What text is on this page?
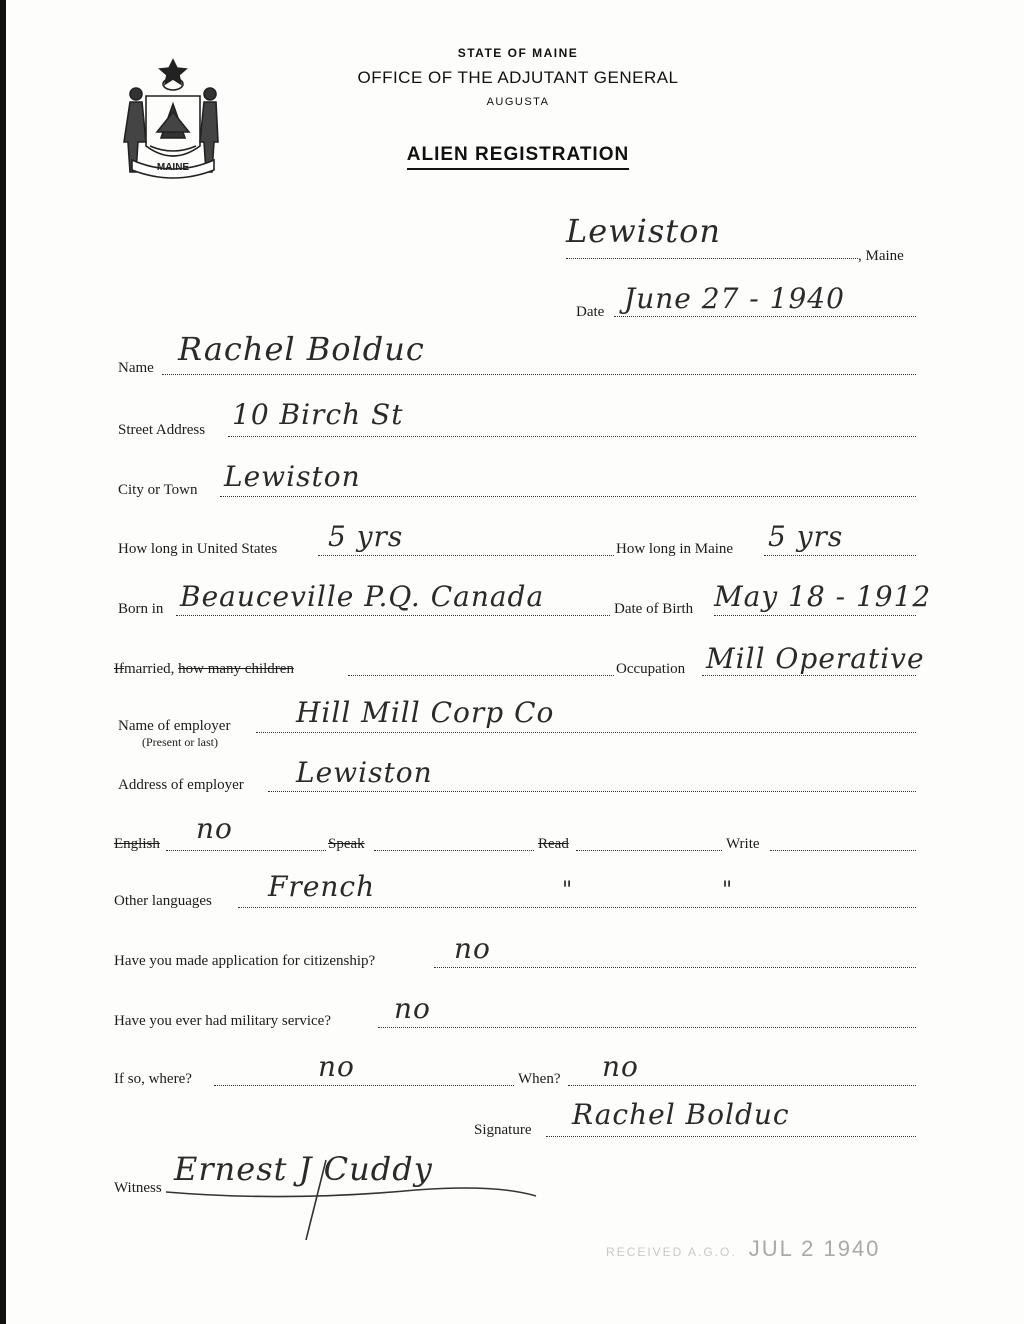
MAINE
STATE OF MAINE
OFFICE OF THE ADJUTANT GENERAL
AUGUSTA
ALIEN REGISTRATION
Lewiston
, Maine
Date June 27 - 1940
Name Rachel Bolduc
Street Address 10 Birch St
City or Town Lewiston
How long in United States 5 yrs	How long in Maine 5 yrs
Born in Beauceville P.Q. Canada	Date of Birth May 18 - 1912
Ifmarried, how many children	Occupation Mill Operative
Name of employer
(Present or last)
Hill Mill Corp Co
Address of employer Lewiston
English no	Speak	Read	Write
Other languages French	"	"
Have you made application for citizenship?	no
Have you ever had military service? no
If so, where?	no	When? no
Signature Rachel Bolduc
Witness Ernest J Cuddy
RECEIVED A.G.O. JUL 2 1940
